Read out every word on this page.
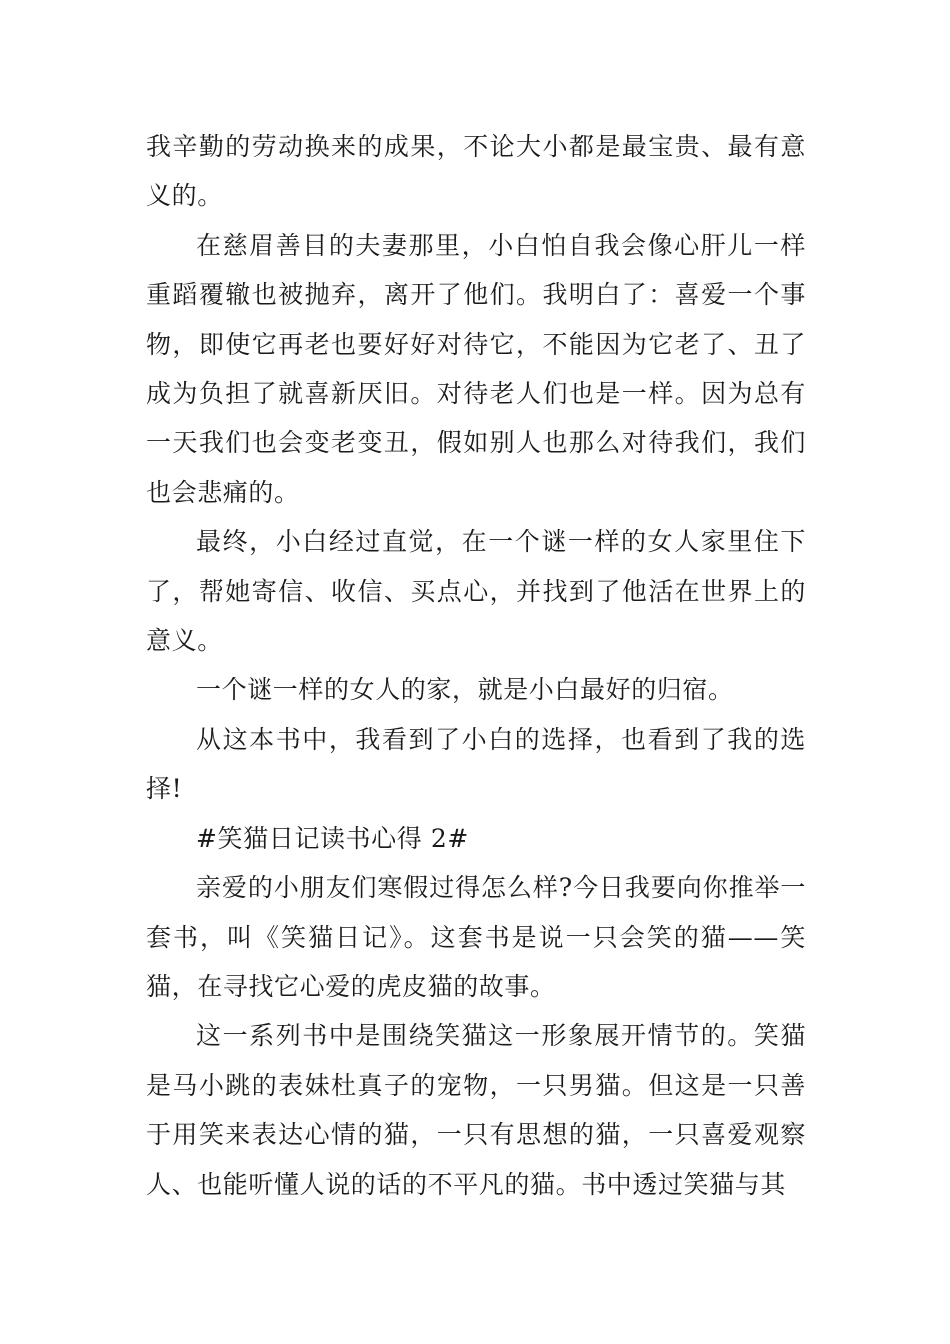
我辛勤的劳动换来的成果，不论大小都是最宝贵、最有意义的。

在慈眉善目的夫妻那里，小白怕自我会像心肝儿一样重蹈覆辙也被抛弃，离开了他们。我明白了：喜爱一个事物，即使它再老也要好好对待它，不能因为它老了、丑了成为负担了就喜新厌旧。对待老人们也是一样。因为总有一天我们也会变老变丑，假如别人也那么对待我们，我们也会悲痛的。

最终，小白经过直觉，在一个谜一样的女人家里住下了，帮她寄信、收信、买点心，并找到了他活在世界上的意义。

一个谜一样的女人的家，就是小白最好的归宿。

从这本书中，我看到了小白的选择，也看到了我的选择!

#笑猫日记读书心得 2#

亲爱的小朋友们寒假过得怎么样?今日我要向你推举一套书，叫《笑猫日记》。这套书是说一只会笑的猫——笑猫，在寻找它心爱的虎皮猫的故事。

这一系列书中是围绕笑猫这一形象展开情节的。笑猫是马小跳的表妹杜真子的宠物，一只男猫。但这是一只善于用笑来表达心情的猫，一只有思想的猫，一只喜爱观察人、也能听懂人说的话的不平凡的猫。书中透过笑猫与其
